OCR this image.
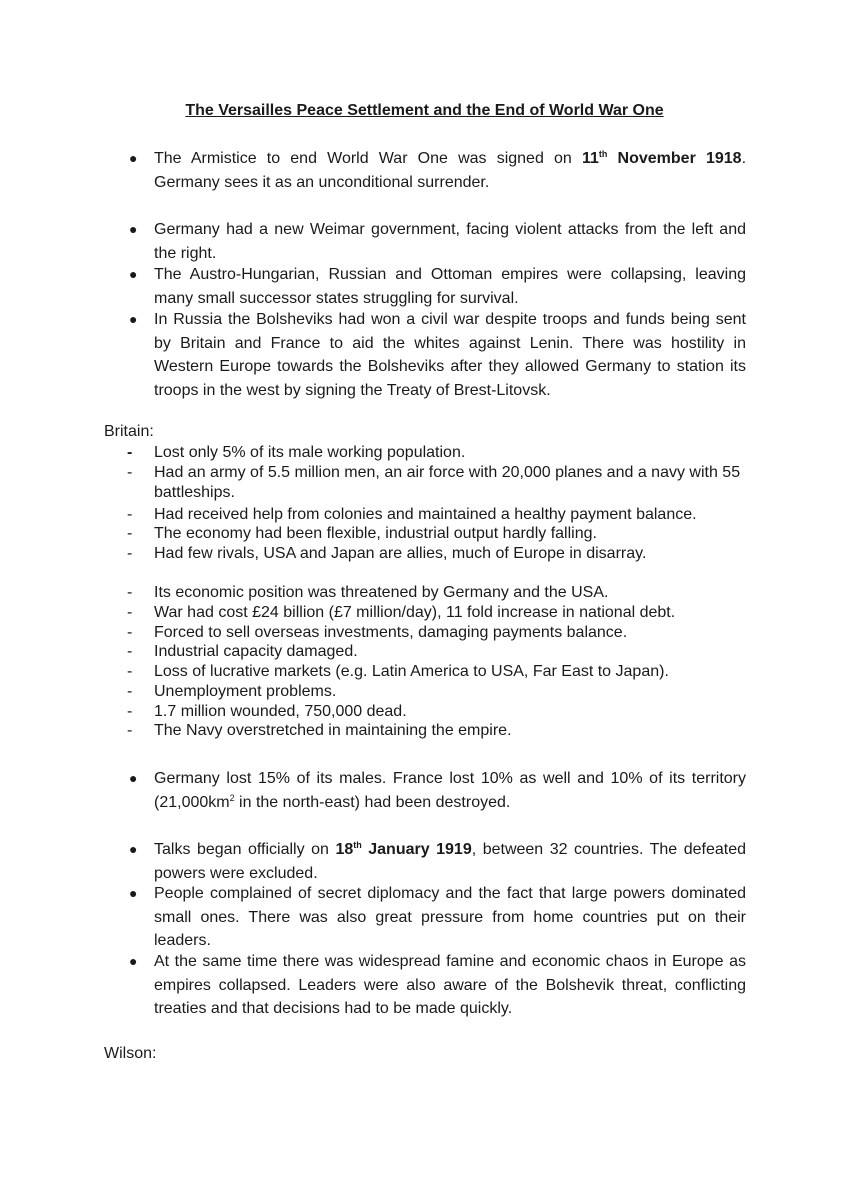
The Versailles Peace Settlement and the End of World War One
● The Armistice to end World War One was signed on 11th November 1918. Germany sees it as an unconditional surrender.
● Germany had a new Weimar government, facing violent attacks from the left and the right.
● The Austro-Hungarian, Russian and Ottoman empires were collapsing, leaving many small successor states struggling for survival.
● In Russia the Bolsheviks had won a civil war despite troops and funds being sent by Britain and France to aid the whites against Lenin. There was hostility in Western Europe towards the Bolsheviks after they allowed Germany to station its troops in the west by signing the Treaty of Brest-Litovsk.
Britain:
- Lost only 5% of its male working population.
- Had an army of 5.5 million men, an air force with 20,000 planes and a navy with 55 battleships.
- Had received help from colonies and maintained a healthy payment balance.
- The economy had been flexible, industrial output hardly falling.
- Had few rivals, USA and Japan are allies, much of Europe in disarray.
- Its economic position was threatened by Germany and the USA.
- War had cost £24 billion (£7 million/day), 11 fold increase in national debt.
- Forced to sell overseas investments, damaging payments balance.
- Industrial capacity damaged.
- Loss of lucrative markets (e.g. Latin America to USA, Far East to Japan).
- Unemployment problems.
- 1.7 million wounded, 750,000 dead.
- The Navy overstretched in maintaining the empire.
● Germany lost 15% of its males. France lost 10% as well and 10% of its territory ($21,000km^2$ in the north-east) had been destroyed.
● Talks began officially on 18th January 1919, between 32 countries. The defeated powers were excluded.
● People complained of secret diplomacy and the fact that large powers dominated small ones. There was also great pressure from home countries put on their leaders.
● At the same time there was widespread famine and economic chaos in Europe as empires collapsed. Leaders were also aware of the Bolshevik threat, conflicting treaties and that decisions had to be made quickly.
Wilson:
